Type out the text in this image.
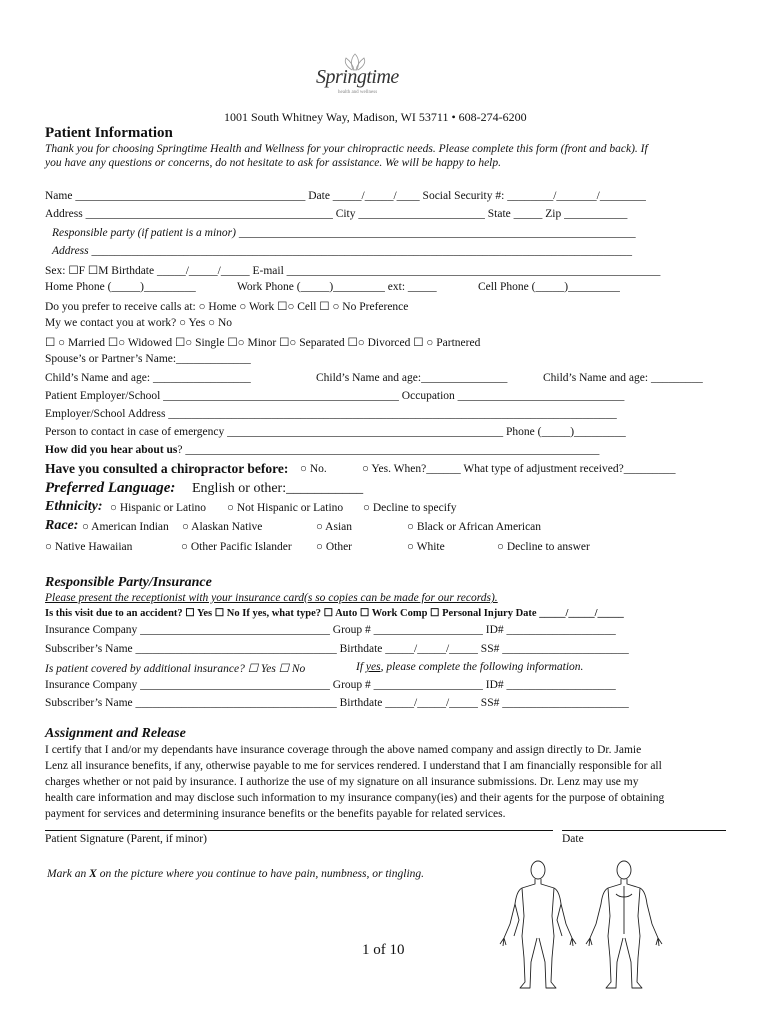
Springtime
health and wellness
1001 South Whitney Way, Madison, WI 53711 • 608-274-6200
Patient Information
Thank you for choosing Springtime Health and Wellness for your chiropractic needs. Please complete this form (front and back). If
you have any questions or concerns, do not hesitate to ask for assistance. We will be happy to help.
Name ________________________________________ Date _____/_____/____ Social Security #: ________/_______/________
Address ___________________________________________ City ______________________ State _____ Zip ___________
Responsible party (if patient is a minor) _____________________________________________________________________
Address ______________________________________________________________________________________________
Sex: ☐F ☐M Birthdate _____/_____/_____ E-mail _________________________________________________________________
Home Phone (_____)_________	Work Phone (_____)_________ ext: _____	Cell Phone (_____)_________
Do you prefer to receive calls at: ○ Home ○ Work ☐○ Cell ☐ ○ No Preference
My we contact you at work? ○ Yes ○ No
☐ ○ Married ☐○ Widowed ☐○ Single ☐○ Minor ☐○ Separated ☐○ Divorced ☐ ○ Partnered
Spouse’s or Partner’s Name:_____________
Child’s Name and age: _________________	Child’s Name and age:_______________	Child’s Name and age: _________
Patient Employer/School _________________________________________ Occupation _____________________________
Employer/School Address ______________________________________________________________________________
Person to contact in case of emergency ________________________________________________ Phone (_____)_________
How did you hear about us? ________________________________________________________________________
Have you consulted a chiropractor before: ○ No.	○ Yes. When?______ What type of adjustment received?_________
Preferred Language: English or other:___________
Ethnicity: ○ Hispanic or Latino ○ Not Hispanic or Latino ○ Decline to specify
Race: ○ American Indian ○ Alaskan Native	○ Asian	○ Black or African American
○ Native Hawaiian	○ Other Pacific Islander ○ Other	○ White	○ Decline to answer
Responsible Party/Insurance
Please present the receptionist with your insurance card(s so copies can be made for our records).
Is this visit due to an accident? ☐ Yes ☐ No If yes, what type? ☐ Auto ☐ Work Comp ☐ Personal Injury Date _____/_____/_____
Insurance Company _________________________________ Group # ___________________ ID# ___________________
Subscriber’s Name ___________________________________ Birthdate _____/_____/_____ SS# ______________________
Is patient covered by additional insurance? ☐ Yes ☐ No	If yes, please complete the following information.
Insurance Company _________________________________ Group # ___________________ ID# ___________________
Subscriber’s Name ___________________________________ Birthdate _____/_____/_____ SS# ______________________
Assignment and Release
I certify that I and/or my dependants have insurance coverage through the above named company and assign directly to Dr. Jamie
Lenz all insurance benefits, if any, otherwise payable to me for services rendered. I understand that I am financially responsible for all
charges whether or not paid by insurance. I authorize the use of my signature on all insurance submissions. Dr. Lenz may use my
health care information and may disclose such information to my insurance company(ies) and their agents for the purpose of obtaining
payment for services and determining insurance benefits or the benefits payable for related services.
Patient Signature (Parent, if minor)	Date
Mark an X on the picture where you continue to have pain, numbness, or tingling.
1 of 10
